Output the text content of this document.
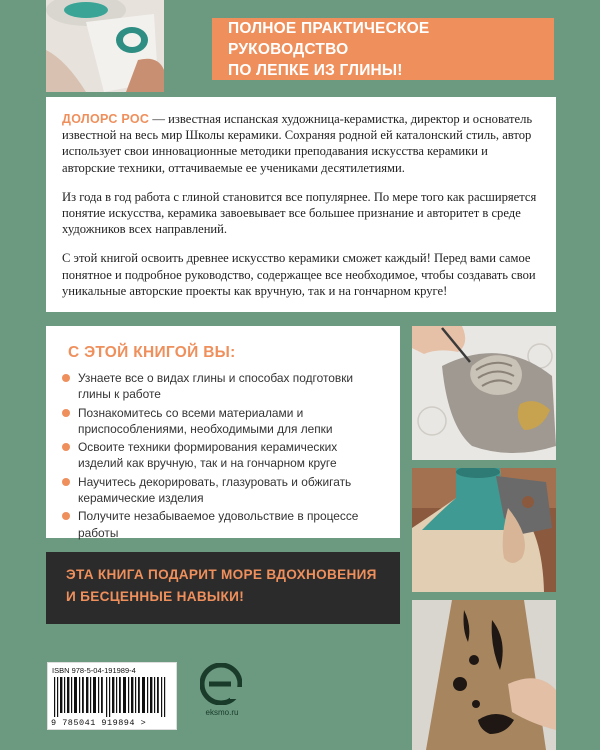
ПОЛНОЕ ПРАКТИЧЕСКОЕ РУКОВОДСТВО
ПО ЛЕПКЕ ИЗ ГЛИНЫ!

ДОЛОРС РОС — известная испанская художница-керамистка, директор и основатель известной на весь мир Школы керамики. Сохраняя родной ей каталонский стиль, автор использует свои инновационные методики преподавания искусства керамики и авторские техники, оттачиваемые ее учениками десятилетиями.

Из года в год работа с глиной становится все популярнее. По мере того как расширяется понятие искусства, керамика завоевывает все большее признание и авторитет в среде художников всех направлений.

С этой книгой освоить древнее искусство керамики сможет каждый! Перед вами самое понятное и подробное руководство, содержащее все необходимое, чтобы создавать свои уникальные авторские проекты как вручную, так и на гончарном круге!

С ЭТОЙ КНИГОЙ ВЫ:
Узнаете все о видах глины и способах подготовки глины к работе
Познакомитесь со всеми материалами и приспособлениями, необходимыми для лепки
Освоите техники формирования керамических изделий как вручную, так и на гончарном круге
Научитесь декорировать, глазуровать и обжигать керамические изделия
Получите незабываемое удовольствие в процессе работы
ЭТА КНИГА ПОДАРИТ МОРЕ ВДОХНОВЕНИЯ
И БЕСЦЕННЫЕ НАВЫКИ!
ISBN 978-5-04-191989-4
9 785041 919894 >
eksmo.ru
